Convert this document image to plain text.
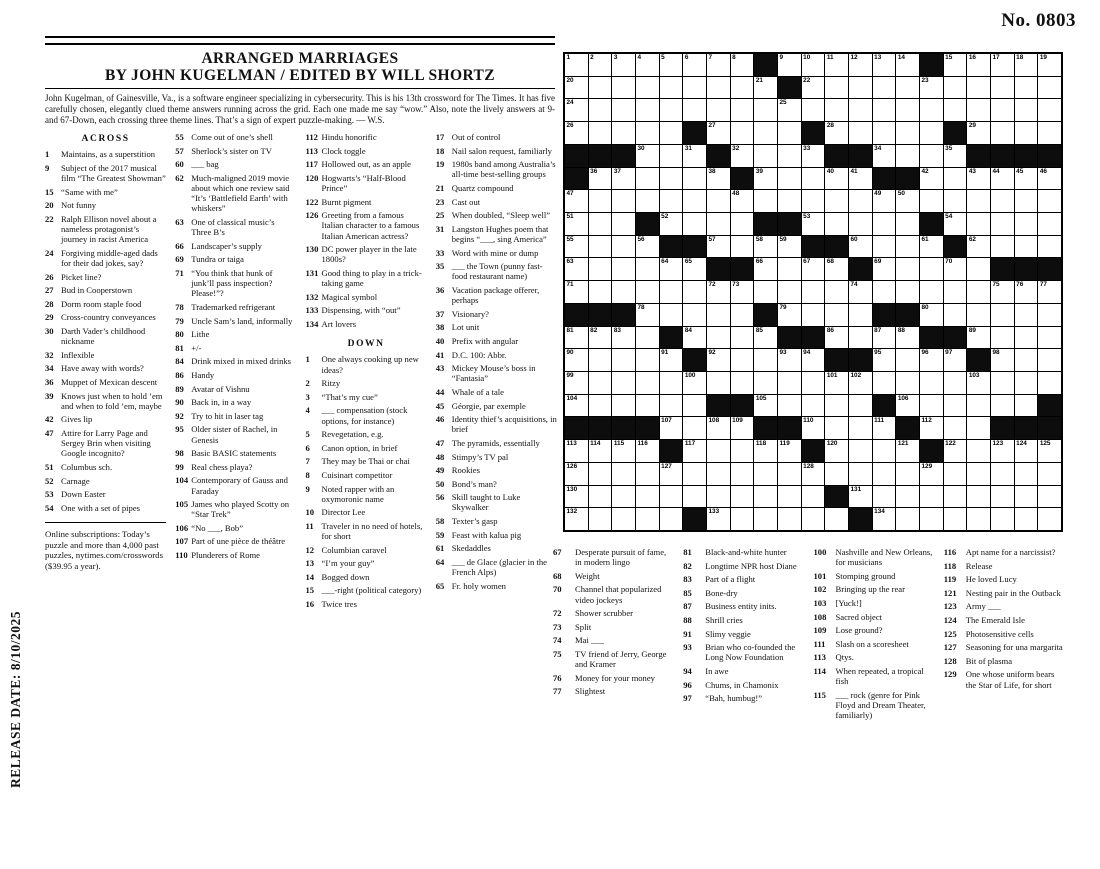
No. 0803
RELEASE DATE: 8/10/2025
ARRANGED MARRIAGES
BY JOHN KUGELMAN / EDITED BY WILL SHORTZ
John Kugelman, of Gainesville, Va., is a software engineer specializing in cybersecurity. This is his 13th crossword for The Times. It has five carefully chosen, elegantly clued theme answers running across the grid. Each one made me say “wow.” Also, note the lively answers at 9- and 67-Down, each crossing three theme lines. That’s a sign of expert puzzle-making. — W.S.
ACROSS
1	Maintains, as a superstition
9	Subject of the 2017 musical film “The Greatest Showman”
15 “Same with me”
20 Not funny
22 Ralph Ellison novel about a nameless protagonist’s journey in racist America
24 Forgiving middle-aged dads for their dad jokes, say?
26 Picket line?
27 Bud in Cooperstown
28 Dorm room staple food
29 Cross-country conveyances
30 Darth Vader’s childhood nickname
32 Inflexible
34 Have away with words?
36 Muppet of Mexican descent
39 Knows just when to hold ’em and when to fold ’em, maybe
42 Gives lip
47 Attire for Larry Page and Sergey Brin when visiting Google incognito?
51 Columbus sch.
52 Carnage
53 Down Easter
54 One with a set of pipes
Online subscriptions: Today’s puzzle and more than 4,000 past puzzles, nytimes.com/crosswords ($39.95 a year).
55 Come out of one’s shell
57 Sherlock’s sister on TV
60 ___ bag
62 Much-maligned 2019 movie about which one review said “It’s ‘Battlefield Earth’ with whiskers”
63 One of classical music’s Three B’s
66 Landscaper’s supply
69 Tundra or taiga
71 “You think that hunk of junk’ll pass inspection? Please!”?
78 Trademarked refrigerant
79 Uncle Sam’s land, informally
80 Lithe
81 +/-
84 Drink mixed in mixed drinks
86 Handy
89 Avatar of Vishnu
90 Back in, in a way
92 Try to hit in laser tag
95 Older sister of Rachel, in Genesis
98 Basic BASIC statements
99 Real chess playa?
104 Contemporary of Gauss and Faraday
105 James who played Scotty on “Star Trek”
106 “No ___, Bob”
107 Part of une pièce de théâtre
110 Plunderers of Rome
112 Hindu honorific
113 Clock toggle
117 Hollowed out, as an apple
120 Hogwarts’s “Half-Blood Prince”
122 Burnt pigment
126 Greeting from a famous Italian character to a famous Italian American actress?
130 DC power player in the late 1800s?
131 Good thing to play in a trick-taking game
132 Magical symbol
133 Dispensing, with “out”
134 Art lovers
DOWN
1	One always cooking up new ideas?
2	Ritzy
3	“That’s my cue”
4	___ compensation (stock options, for instance)
5	Revegetation, e.g.
6	Canon option, in brief
7	They may be Thai or chai
8	Cuisinart competitor
9	Noted rapper with an oxymoronic name
10 Director Lee
11 Traveler in no need of hotels, for short
12 Columbian caravel
13 “I’m your guy”
14 Bogged down
15 ___-right (political category)
16 Twice tres
17 Out of control
18 Nail salon request, familiarly
19 1980s band among Australia’s all-time best-selling groups
21 Quartz compound
23 Cast out
25 When doubled, “Sleep well”
31 Langston Hughes poem that begins “___, sing America”
33 Word with mine or dump
35 ___ the Town (punny fast-food restaurant name)
36 Vacation package offerer, perhaps
37 Visionary?
38 Lot unit
40 Prefix with angular
41 D.C. 100: Abbr.
43 Mickey Mouse’s boss in “Fantasia”
44 Whale of a tale
45 Géorgie, par exemple
46 Identity thief’s acquisitions, in brief
47 The pyramids, essentially
48 Stimpy’s TV pal
49 Rookies
50 Bond’s man?
56 Skill taught to Luke Skywalker
58 Texter’s gasp
59 Feast with kalua pig
61 Skedaddles
64 ___ de Glace (glacier in the French Alps)
65 Fr. holy women
1	2	3	4	5	6	7	8	9	10	11	12	13	14	15	16	17	18	19
20	21	22	23
24	25
26	27	28	29
30	31	32	33	34	35
36	37	38	39	40	41	42	43	44	45	46
47	48	49	50
51	52	53	54
55	56	57	58	59	60	61	62
63	64	65	66	67	68	69	70
71	72	73	74	75	76	77
78	79	80
81	82	83	84	85	86	87	88	89
90	91	92	93	94	95	96	97	98
99	100	101 102	103
104	105	106
107	108 109	110	111	112
113 114 115 116	117	118 119	120	121	122	123 124 125
126	127	128	129
130	131
132	133	134
67	Desperate pursuit of fame, in modern lingo
68	Weight
70	Channel that popularized video jockeys
72	Shower scrubber
73	Split
74	Mai ___
75	TV friend of Jerry, George and Kramer
76	Money for your money
77	Slightest
81	Black-and-white hunter
82	Longtime NPR host Diane
83	Part of a flight
85	Bone-dry
87	Business entity inits.
88	Shrill cries
91	Slimy veggie
93	Brian who co-founded the Long Now Foundation
94	In awe
96	Chums, in Chamonix
97	“Bah, humbug!”
100	Nashville and New Orleans, for musicians
101	Stomping ground
102	Bringing up the rear
103	[Yuck!]
108	Sacred object
109	Lose ground?
111	Slash on a scoresheet
113	Qtys.
114	When repeated, a tropical fish
115	___ rock (genre for Pink Floyd and Dream Theater, familiarly)
116	Apt name for a narcissist?
118	Release
119	He loved Lucy
121	Nesting pair in the Outback
123	Army ___
124	The Emerald Isle
125	Photosensitive cells
127	Seasoning for una margarita
128	Bit of plasma
129	One whose uniform bears the Star of Life, for short
